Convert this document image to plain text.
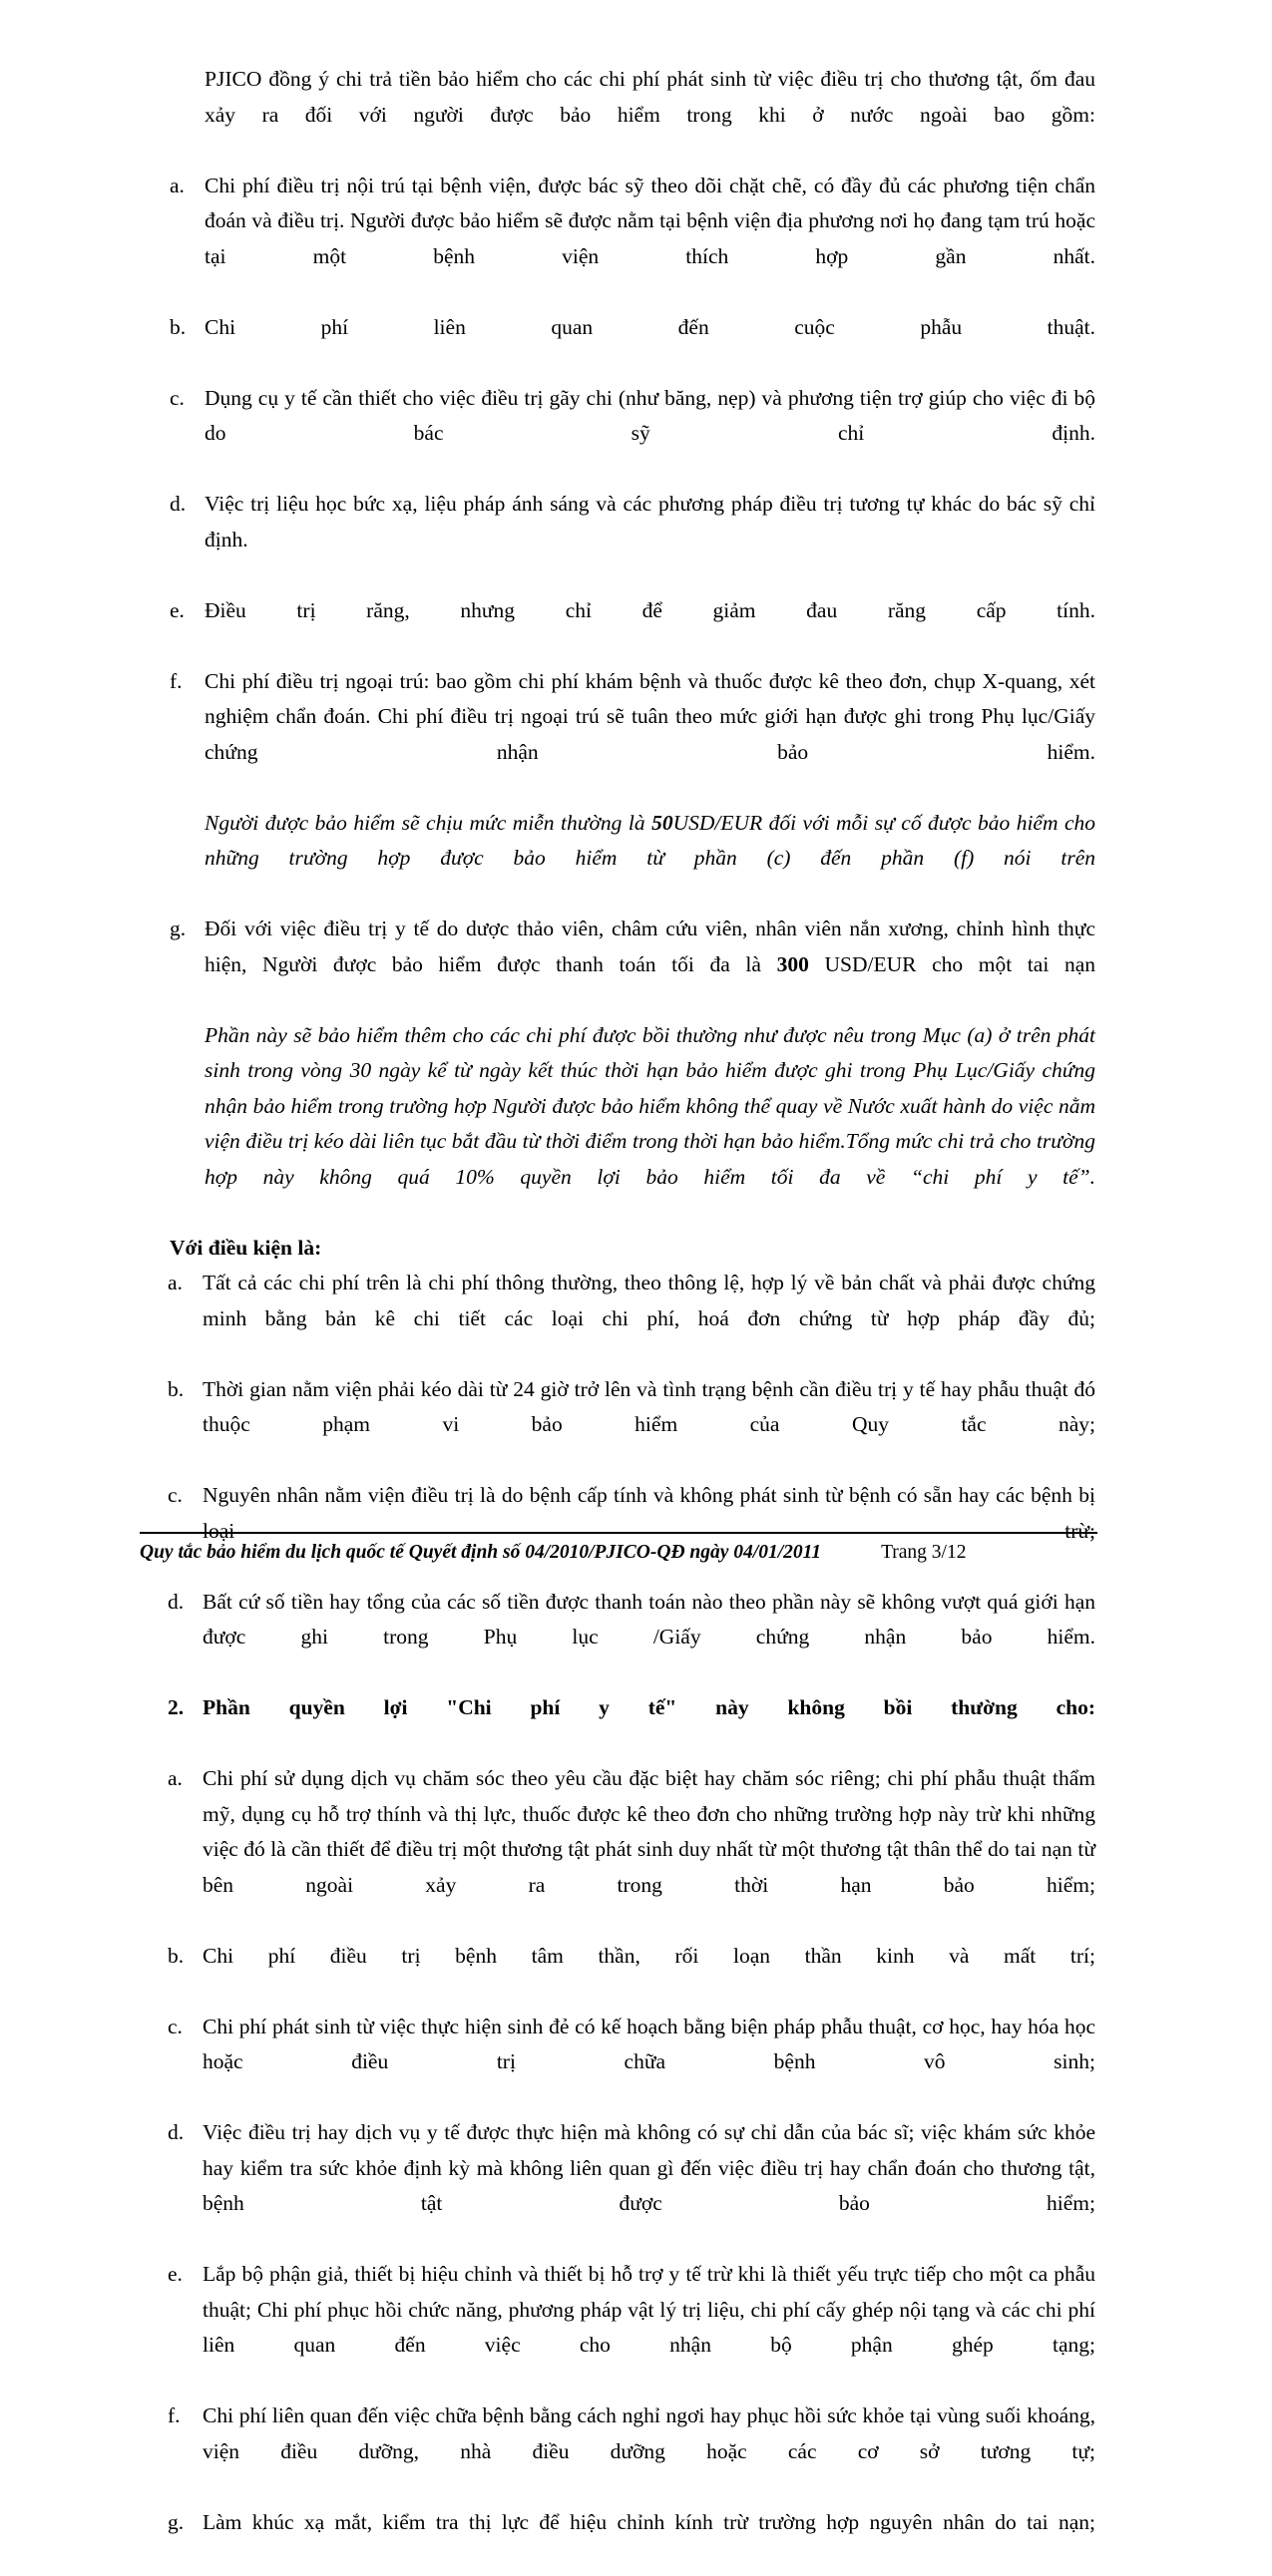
PJICO đồng ý chi trả tiền bảo hiểm cho các chi phí phát sinh từ việc điều trị cho thương tật, ốm đau xảy ra đối với người được bảo hiểm trong khi ở nước ngoài bao gồm:

a. Chi phí điều trị nội trú tại bệnh viện, được bác sỹ theo dõi chặt chẽ, có đầy đủ các phương tiện chẩn đoán và điều trị. Người được bảo hiểm sẽ được nằm tại bệnh viện địa phương nơi họ đang tạm trú hoặc tại một bệnh viện thích hợp gần nhất.
b. Chi phí liên quan đến cuộc phẫu thuật.
c. Dụng cụ y tế cần thiết cho việc điều trị gãy chi (như băng, nẹp) và phương tiện trợ giúp cho việc đi bộ do bác sỹ chỉ định.
d. Việc trị liệu học bức xạ, liệu pháp ánh sáng và các phương pháp điều trị tương tự khác do bác sỹ chỉ định.
e. Điều trị răng, nhưng chỉ để giảm đau răng cấp tính.
f.	Chi phí điều trị ngoại trú: bao gồm chi phí khám bệnh và thuốc được kê theo đơn, chụp X-quang, xét nghiệm chẩn đoán. Chi phí điều trị ngoại trú sẽ tuân theo mức giới hạn được ghi trong Phụ lục/Giấy chứng nhận bảo hiểm.

Người được bảo hiểm sẽ chịu mức miễn thường là 50USD/EUR đối với mỗi sự cố được bảo hiểm cho những trường hợp được bảo hiểm từ phần (c) đến phần (f) nói trên

g. Đối với việc điều trị y tế do dược thảo viên, châm cứu viên, nhân viên nắn xương, chỉnh hình thực hiện, Người được bảo hiểm được thanh toán tối đa là 300 USD/EUR cho một tai nạn

Phần này sẽ bảo hiểm thêm cho các chi phí được bồi thường như được nêu trong Mục (a) ở trên phát sinh trong vòng 30 ngày kể từ ngày kết thúc thời hạn bảo hiểm được ghi trong Phụ Lục/Giấy chứng nhận bảo hiểm trong trường hợp Người được bảo hiểm không thể quay về Nước xuất hành do việc nằm viện điều trị kéo dài liên tục bắt đầu từ thời điểm trong thời hạn bảo hiểm.Tổng mức chi trả cho trường hợp này không quá 10% quyền lợi bảo hiểm tối đa về “chi phí y tế”.

Với điều kiện là:

a. Tất cả các chi phí trên là chi phí thông thường, theo thông lệ, hợp lý về bản chất và phải được chứng minh bằng bản kê chi tiết các loại chi phí, hoá đơn chứng từ hợp pháp đầy đủ;
b. Thời gian nằm viện phải kéo dài từ 24 giờ trở lên và tình trạng bệnh cần điều trị y tế hay phẫu thuật đó thuộc phạm vi bảo hiểm của Quy tắc này;
c. Nguyên nhân nằm viện điều trị là do bệnh cấp tính và không phát sinh từ bệnh có sẵn hay các bệnh bị loại trừ;
d. Bất cứ số tiền hay tổng của các số tiền được thanh toán nào theo phần này sẽ không vượt quá giới hạn được ghi trong Phụ lục /Giấy chứng nhận bảo hiểm.
2. Phần quyền lợi "Chi phí y tế" này không bồi thường cho:
a. Chi phí sử dụng dịch vụ chăm sóc theo yêu cầu đặc biệt hay chăm sóc riêng; chi phí phẫu thuật thẩm mỹ, dụng cụ hỗ trợ thính và thị lực, thuốc được kê theo đơn cho những trường hợp này trừ khi những việc đó là cần thiết để điều trị một thương tật phát sinh duy nhất từ một thương tật thân thể do tai nạn từ bên ngoài xảy ra trong thời hạn bảo hiểm;
b. Chi phí điều trị bệnh tâm thần, rối loạn thần kinh và mất trí;
c. Chi phí phát sinh từ việc thực hiện sinh đẻ có kế hoạch bằng biện pháp phẫu thuật, cơ học, hay hóa học hoặc điều trị chữa bệnh vô sinh;
d. Việc điều trị hay dịch vụ y tế được thực hiện mà không có sự chỉ dẫn của bác sĩ; việc khám sức khỏe hay kiểm tra sức khỏe định kỳ mà không liên quan gì đến việc điều trị hay chẩn đoán cho thương tật, bệnh tật được bảo hiểm;
e. Lắp bộ phận giả, thiết bị hiệu chỉnh và thiết bị hỗ trợ y tế trừ khi là thiết yếu trực tiếp cho một ca phẫu thuật; Chi phí phục hồi chức năng, phương pháp vật lý trị liệu, chi phí cấy ghép nội tạng và các chi phí liên quan đến việc cho nhận bộ phận ghép tạng;
f.	Chi phí liên quan đến việc chữa bệnh bằng cách nghỉ ngơi hay phục hồi sức khỏe tại vùng suối khoáng, viện điều dưỡng, nhà điều dưỡng hoặc các cơ sở tương tự;
g. Làm khúc xạ mắt, kiểm tra thị lực để hiệu chỉnh kính trừ trường hợp nguyên nhân do tai nạn;
Quy tắc bảo hiểm du lịch quốc tế Quyết định số 04/2010/PJICO-QĐ ngày 04/01/2011	Trang 3/12
